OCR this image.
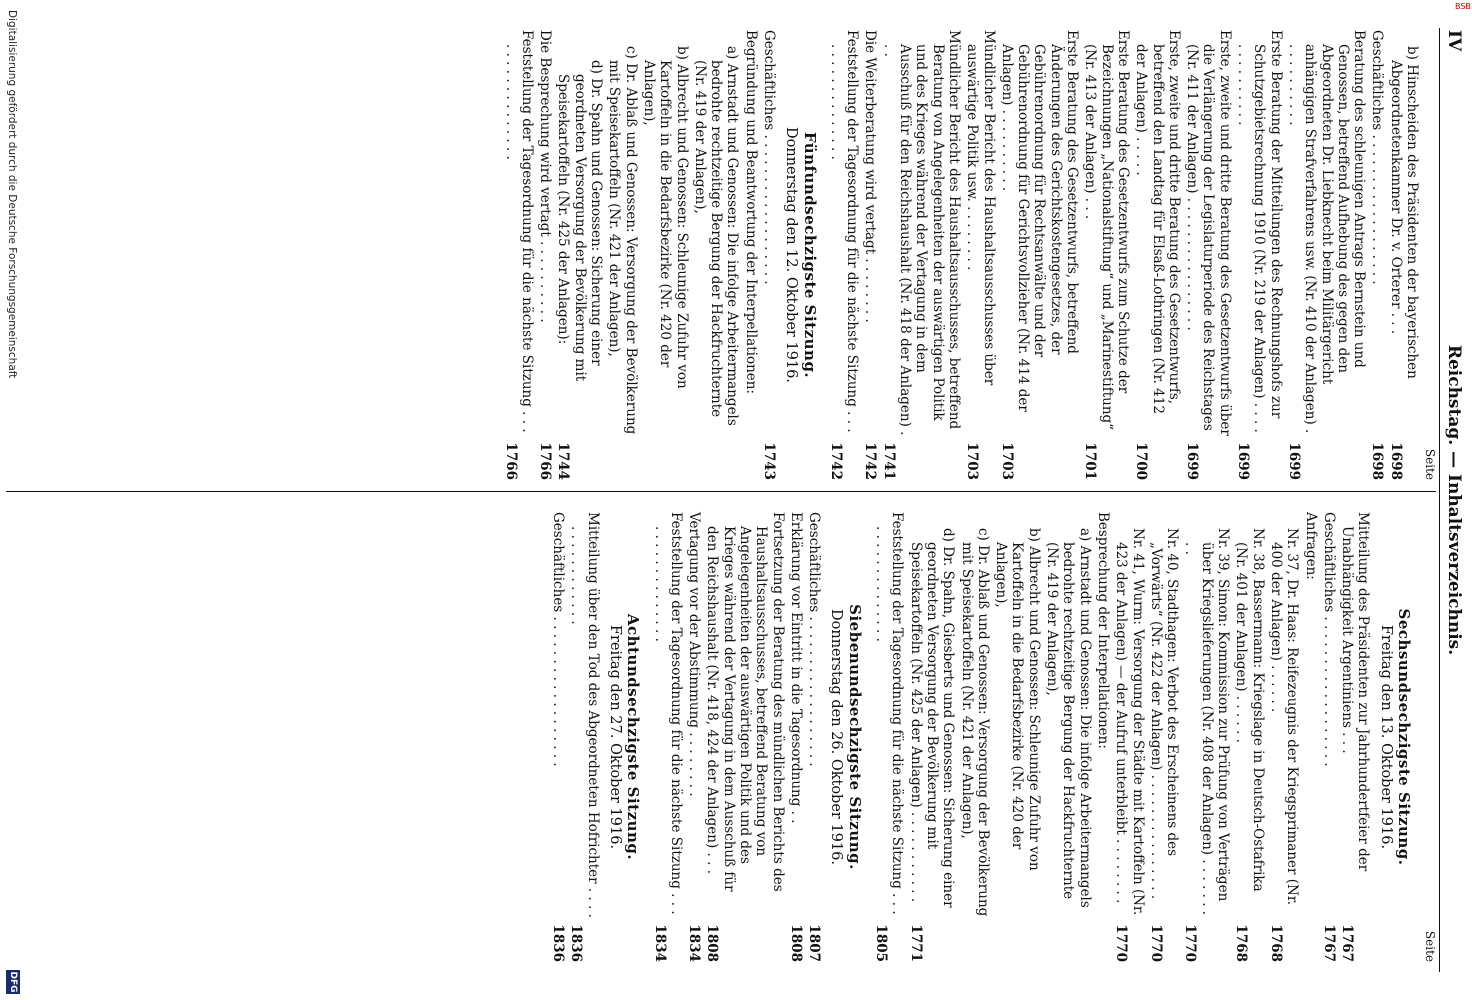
IV
Reichstag. — Inhaltsverzeichnis.
Seite
b) Hinscheiden des Präsidenten der bayerischen Abgeordnetenkammer Dr. v. Orterer . . .
1698
Geschäftliches . . . . . . . . . . . . . . . . . .
1698
Beratung des schleunigen Antrags Bernstein und Genossen, betreffend Aufhebung des gegen den Abgeordneten Dr. Liebknecht beim Militärgericht anhängigen Strafverfahrens usw. (Nr. 410 der Anlagen) . . . . . . . . . . .
1699
Erste Beratung der Mitteilungen des Rechnungshofs zur Schutzgebietsrechnung 1910 (Nr. 219 der Anlagen) . . . . . . . . . . . . . .
1699
Erste, zweite und dritte Beratung des Gesetzentwurfs über die Verlängerung der Legislaturperiode des Reichstages (Nr. 411 der Anlagen) . . . . . . . . . . . . . . . .
1699
Erste, zweite und dritte Beratung des Gesetzentwurfs, betreffend den Landtag für Elsaß-Lothringen (Nr. 412 der Anlagen) . . . . .
1700
Erste Beratung des Gesetzentwurfs zum Schutze der Bezeichnungen „Nationalstiftung“ und „Marinestiftung“ (Nr. 413 der Anlagen) . . .
1701
Erste Beratung des Gesetzentwurfs, betreffend Änderungen des Gerichtskostengesetzes, der Gebührenordnung für Rechtsanwälte und der Gebührenordnung für Gerichtsvollzieher (Nr. 414 der Anlagen) . . . . . . . . . .
1703
Mündlicher Bericht des Haushaltsausschusses über auswärtige Politik usw. . . . . . . . .
1703
Mündlicher Bericht des Haushaltsausschusses, betreffend Beratung von Angelegenheiten der auswärtigen Politik und des Krieges während der Vertagung in dem Ausschuß für den Reichshaushalt (Nr. 418 der Anlagen) . . .
1741
Die Weiterberatung wird vertagt . . . . . . . .
1742
Feststellung der Tagesordnung für die nächste Sitzung . . . . . . . . . . . . . . . . .
1742
Fünfundsechzigste Sitzung.
Donnerstag den 12. Oktober 1916.
Geschäftliches . . . . . . . . . . . . . . . . . .
1743
Begründung und Beantwortung der Interpellationen:
a) Arnstadt und Genossen: Die infolge Arbeitermangels bedrohte rechtzeitige Bergung der Hackfruchternte (Nr. 419 der Anlagen),
b) Albrecht und Genossen: Schleunige Zufuhr von Kartoffeln in die Bedarfsbezirke (Nr. 420 der Anlagen),
c) Dr. Ablaß und Genossen: Versorgung der Bevölkerung mit Speisekartoffeln (Nr. 421 der Anlagen),
d) Dr. Spahn und Genossen: Sicherung einer geordneten Versorgung der Bevölkerung mit Speisekartoffeln (Nr. 425 der Anlagen):
1744
Die Besprechung wird vertagt . . . . . . . . . .
1766
Feststellung der Tagesordnung für die nächste Sitzung . . . . . . . . . . . . . . . . .
1766
Seite
Sechsundsechzigste Sitzung.
Freitag den 13. Oktober 1916.
Mitteilung des Präsidenten zur Jahrhundertfeier der Unabhängigkeit Argentiniens . . .
1767
Geschäftliches . . . . . . . . . . . . . . . . . .
1767
Anfragen:
Nr. 37, Dr. Haas: Reifezeugnis der Kriegsprimaner (Nr. 400 der Anlagen) . . . . . .
1768
Nr. 38, Bassermann: Kriegslage in Deutsch-Ostafrika (Nr. 401 der Anlagen) . . . . . .
1768
Nr. 39, Simon: Kommission zur Prüfung von Verträgen über Kriegslieferungen (Nr. 408 der Anlagen) . . . . . . . . .
1770
Nr. 40, Stadthagen: Verbot des Erscheinens des „Vorwärts“ (Nr. 422 der Anlagen) . . . . . . . . . . . . . . .
1770
Nr. 41, Wurm: Versorgung der Städte mit Kartoffeln (Nr. 423 der Anlagen) — der Aufruf unterbleibt . . . . . . . .
1770
Besprechung der Interpellationen:
a) Arnstadt und Genossen: Die infolge Arbeitermangels bedrohte rechtzeitige Bergung der Hackfruchternte (Nr. 419 der Anlagen),
b) Albrecht und Genossen: Schleunige Zufuhr von Kartoffeln in die Bedarfsbezirke (Nr. 420 der Anlagen),
c) Dr. Ablaß und Genossen: Versorgung der Bevölkerung mit Speisekartoffeln (Nr. 421 der Anlagen),
d) Dr. Spahn, Giesberts und Genossen: Sicherung einer geordneten Versorgung der Bevölkerung mit Speisekartoffeln (Nr. 425 der Anlagen) . . . . . . . . . . .
1771
Feststellung der Tagesordnung für die nächste Sitzung . . . . . . . . . . . . . . . . .
1805
Siebenundsechzigste Sitzung.
Donnerstag den 26. Oktober 1916.
Geschäftliches . . . . . . . . . . . . . . . . . .
1807
Erklärung vor Eintritt in die Tagesordnung . .
1808
Fortsetzung der Beratung des mündlichen Berichts des Haushaltsausschusses, betreffend Beratung von Angelegenheiten der auswärtigen Politik und des Krieges während der Vertagung in dem Ausschuß für den Reichshaushalt (Nr. 418, 424 der Anlagen) . . .
1808
Vertagung vor der Abstimmung . . . . . . . .
1834
Feststellung der Tagesordnung für die nächste Sitzung . . . . . . . . . . . . . . . . .
1834
Achtundsechzigste Sitzung.
Freitag den 27. Oktober 1916.
Mitteilung über den Tod des Abgeordneten Hofrichter . . . . . . . . . . . . . . . .
1836
Geschäftliches . . . . . . . . . . . . . . . . . .
1836
Digitalisierung gefördert durch die Deutsche Forschungsgemeinschaft
DFG
BSB
